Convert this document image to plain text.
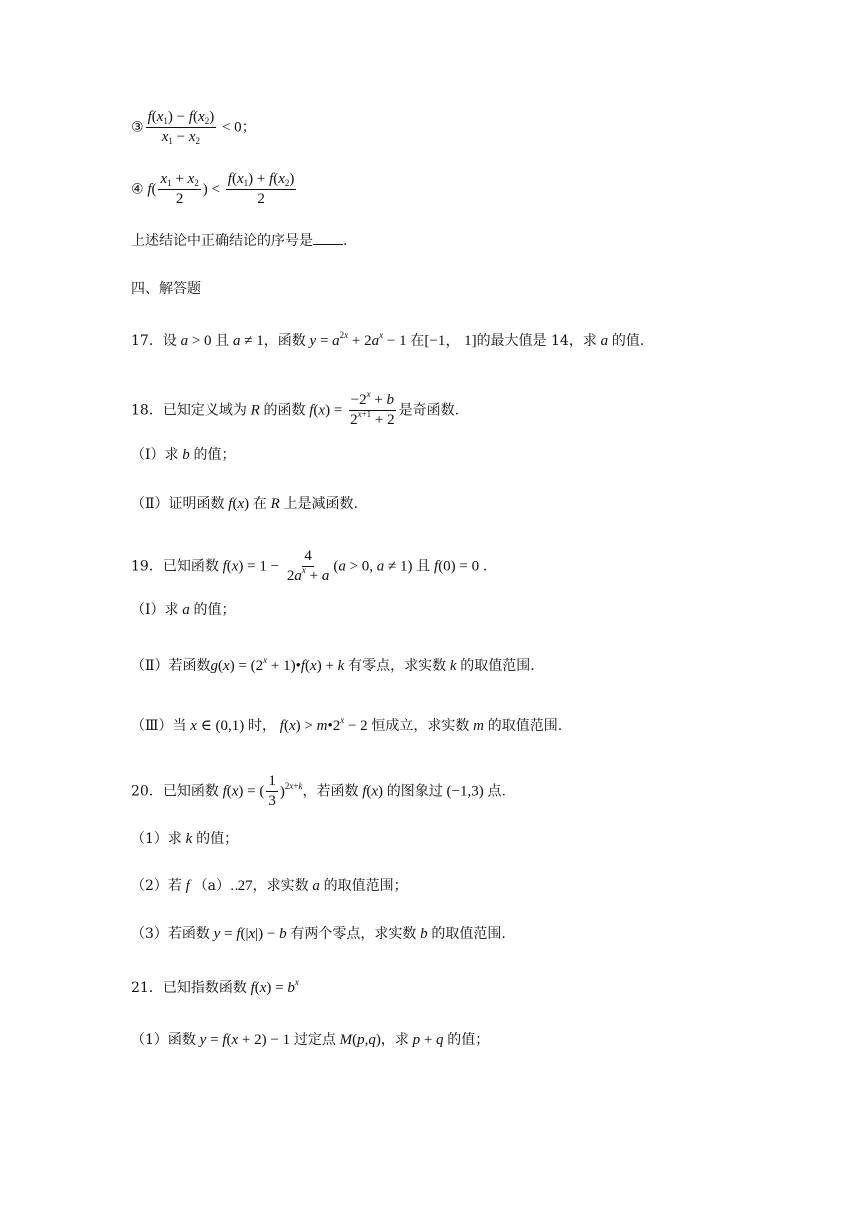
③ $\frac{f(x_1) - f(x_2)}{x_1 - x_2} < 0$；
④ $f( \frac{x_1 + x_2}{2}$ ) < $\frac{f(x_1) + f(x_2)}{2}$
上述结论中正确结论的序号是 .
四、解答题
17．设 a > 0 且 a ≠ 1，函数 $y = a^{2x} + 2a^x - 1$ 在[−1， 1]的最大值是 14，求 a 的值.
18．已知定义域为 R 的函数 $f(x) = \frac{-2^x + b}{2^{x+1} + 2}$ 是奇函数.
（Ⅰ）求 b 的值；
（Ⅱ）证明函数 f(x) 在 R 上是减函数.
19．已知函数 $f(x) = 1 - \frac{4}{2a^x + a} (a > 0$, a ≠ 1) 且 f(0) = 0 .
（Ⅰ）求 a 的值；
（Ⅱ）若函数$g(x) = (2^x$ + 1)•f(x) + k 有零点，求实数 k 的取值范围.
（Ⅲ）当 x ∈ (0,1) 时， $f(x) > m•2^x - 2$ 恒成立，求实数 m 的取值范围.
20．已知函数 f(x) = ( $\frac{1}{3} )^{2x+k}$，若函数 f(x) 的图象过 (−1,3) 点.
（1）求 k 的值；
（2）若 f （a）‥27，求实数 a 的取值范围；
（3）若函数 y = f(|x|) − b 有两个零点，求实数 b 的取值范围.
21．已知指数函数 $f(x) = b^x$
（1）函数 y = f(x + 2) − 1 过定点 M(p,q)，求 p + q 的值；
